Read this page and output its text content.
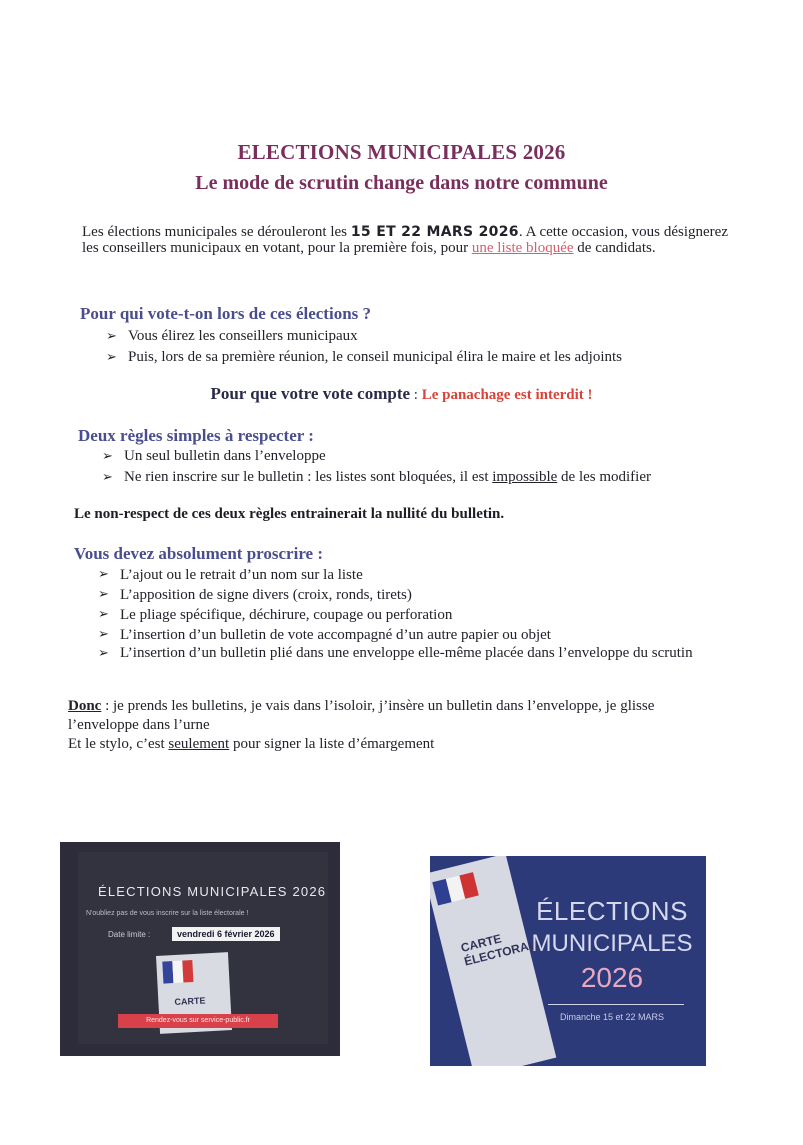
ELECTIONS MUNICIPALES 2026
Le mode de scrutin change dans notre commune
Les élections municipales se dérouleront les 15 ET 22 MARS 2026. A cette occasion, vous désignerez les conseillers municipaux en votant, pour la première fois, pour une liste bloquée de candidats.
Pour qui vote-t-on lors de ces élections ?
➢ Vous élirez les conseillers municipaux
➢ Puis, lors de sa première réunion, le conseil municipal élira le maire et les adjoints
Pour que votre vote compte : Le panachage est interdit !
Deux règles simples à respecter :
➢ Un seul bulletin dans l’enveloppe
➢ Ne rien inscrire sur le bulletin : les listes sont bloquées, il est impossible de les modifier
Le non-respect de ces deux règles entrainerait la nullité du bulletin.
Vous devez absolument proscrire :
➢ L’ajout ou le retrait d’un nom sur la liste
➢ L’apposition de signe divers (croix, ronds, tirets)
➢ Le pliage spécifique, déchirure, coupage ou perforation
➢ L’insertion d’un bulletin de vote accompagné d’un autre papier ou objet
➢ L’insertion d’un bulletin plié dans une enveloppe elle-même placée dans l’enveloppe du scrutin
Donc : je prends les bulletins, je vais dans l’isoloir, j’insère un bulletin dans l’enveloppe, je glisse l’enveloppe dans l’urne
Et le stylo, c’est seulement pour signer la liste d’émargement
ÉLECTIONS MUNICIPALES 2026
N'oubliez pas de vous inscrire sur la liste électorale !
Date limite :	vendredi 6 février 2026
CARTE
Rendez-vous sur service-public.fr
CARTE ÉLECTORALE
ÉLECTIONS
MUNICIPALES
2026
Dimanche 15 et 22 MARS
